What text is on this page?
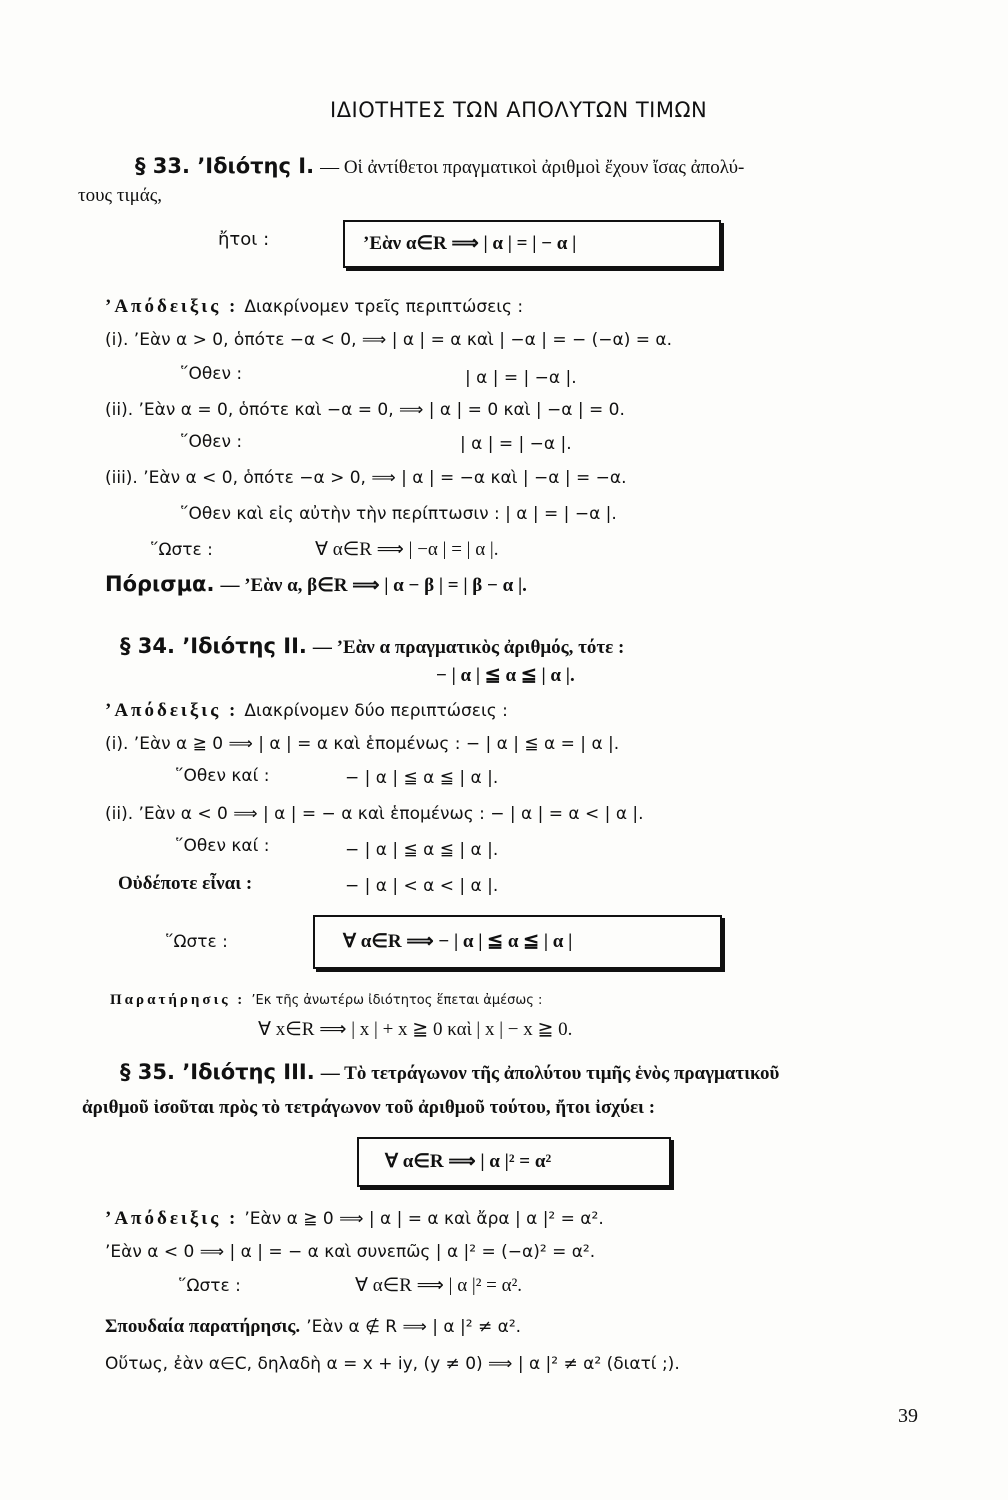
ΙΔΙΟΤΗΤΕΣ ΤΩΝ ΑΠΟΛΥΤΩΝ ΤΙΜΩΝ
§ 33. ’Ιδιότης Ι. — Οἱ ἀντίθετοι πραγματικοὶ ἀριθμοὶ ἔχουν ἴσας ἀπολύ-
τους τιμάς,
ἤτοι :	’Εὰν α∈R ⟹ | α | = | − α |
’Απόδειξις : Διακρίνομεν τρεῖς περιπτώσεις :
(i). ’Εὰν α > 0, ὁπότε −α < 0, ⟹ | α | = α καὶ | −α | = − (−α) = α.
῞Οθεν :	| α | = | −α |.
(ii). ’Εὰν α = 0, ὁπότε καὶ −α = 0, ⟹ | α | = 0 καὶ | −α | = 0.
῞Οθεν :	| α | = | −α |.
(iii). ’Εὰν α < 0, ὁπότε −α > 0, ⟹ | α | = −α καὶ | −α | = −α.
῞Οθεν καὶ εἰς αὐτὴν τὴν περίπτωσιν : | α | = | −α |.
῞Ωστε :	∀ α∈R ⟹ | −α | = | α |.
Πόρισμα. — ’Εὰν α, β∈R ⟹ | α − β | = | β − α |.
§ 34. ’Ιδιότης ΙΙ. — ’Εὰν α πραγματικὸς ἀριθμός, τότε :
− | α | ≦ α ≦ | α |.
’Απόδειξις : Διακρίνομεν δύο περιπτώσεις :
(i). ’Εὰν α ≧ 0 ⟹ | α | = α καὶ ἑπομένως : − | α | ≦ α = | α |.
῞Οθεν καί :	− | α | ≦ α ≦ | α |.
(ii). ’Εὰν α < 0 ⟹ | α | = − α καὶ ἑπομένως : − | α | = α < | α |.
῞Οθεν καί :	− | α | ≦ α ≦ | α |.
Οὐδέποτε εἶναι :	− | α | < α < | α |.
῞Ωστε :	∀ α∈R ⟹ − | α | ≦ α ≦ | α |
Παρατήρησις : ’Εκ τῆς ἀνωτέρω ἰδιότητος ἕπεται ἀμέσως :
∀ x∈R ⟹ | x | + x ≧ 0 καὶ | x | − x ≧ 0.
§ 35. ’Ιδιότης ΙΙΙ. — Τὸ τετράγωνον τῆς ἀπολύτου τιμῆς ἑνὸς πραγματικοῦ
ἀριθμοῦ ἰσοῦται πρὸς τὸ τετράγωνον τοῦ ἀριθμοῦ τούτου, ἤτοι ἰσχύει :
∀ α∈R ⟹ | α |² = α²
’Απόδειξις : ’Εὰν α ≧ 0 ⟹ | α | = α καὶ ἄρα | α |² = α².
’Εὰν α < 0 ⟹ | α | = − α καὶ συνεπῶς | α |² = (−α)² = α².
῞Ωστε :	∀ α∈R ⟹ | α |² = α².
Σπουδαία παρατήρησις. ’Εὰν α ∉ R ⟹ | α |² ≠ α².
Οὕτως, ἐὰν α∈C, δηλαδὴ α = x + iy, (y ≠ 0) ⟹ | α |² ≠ α² (διατί ;).
39
